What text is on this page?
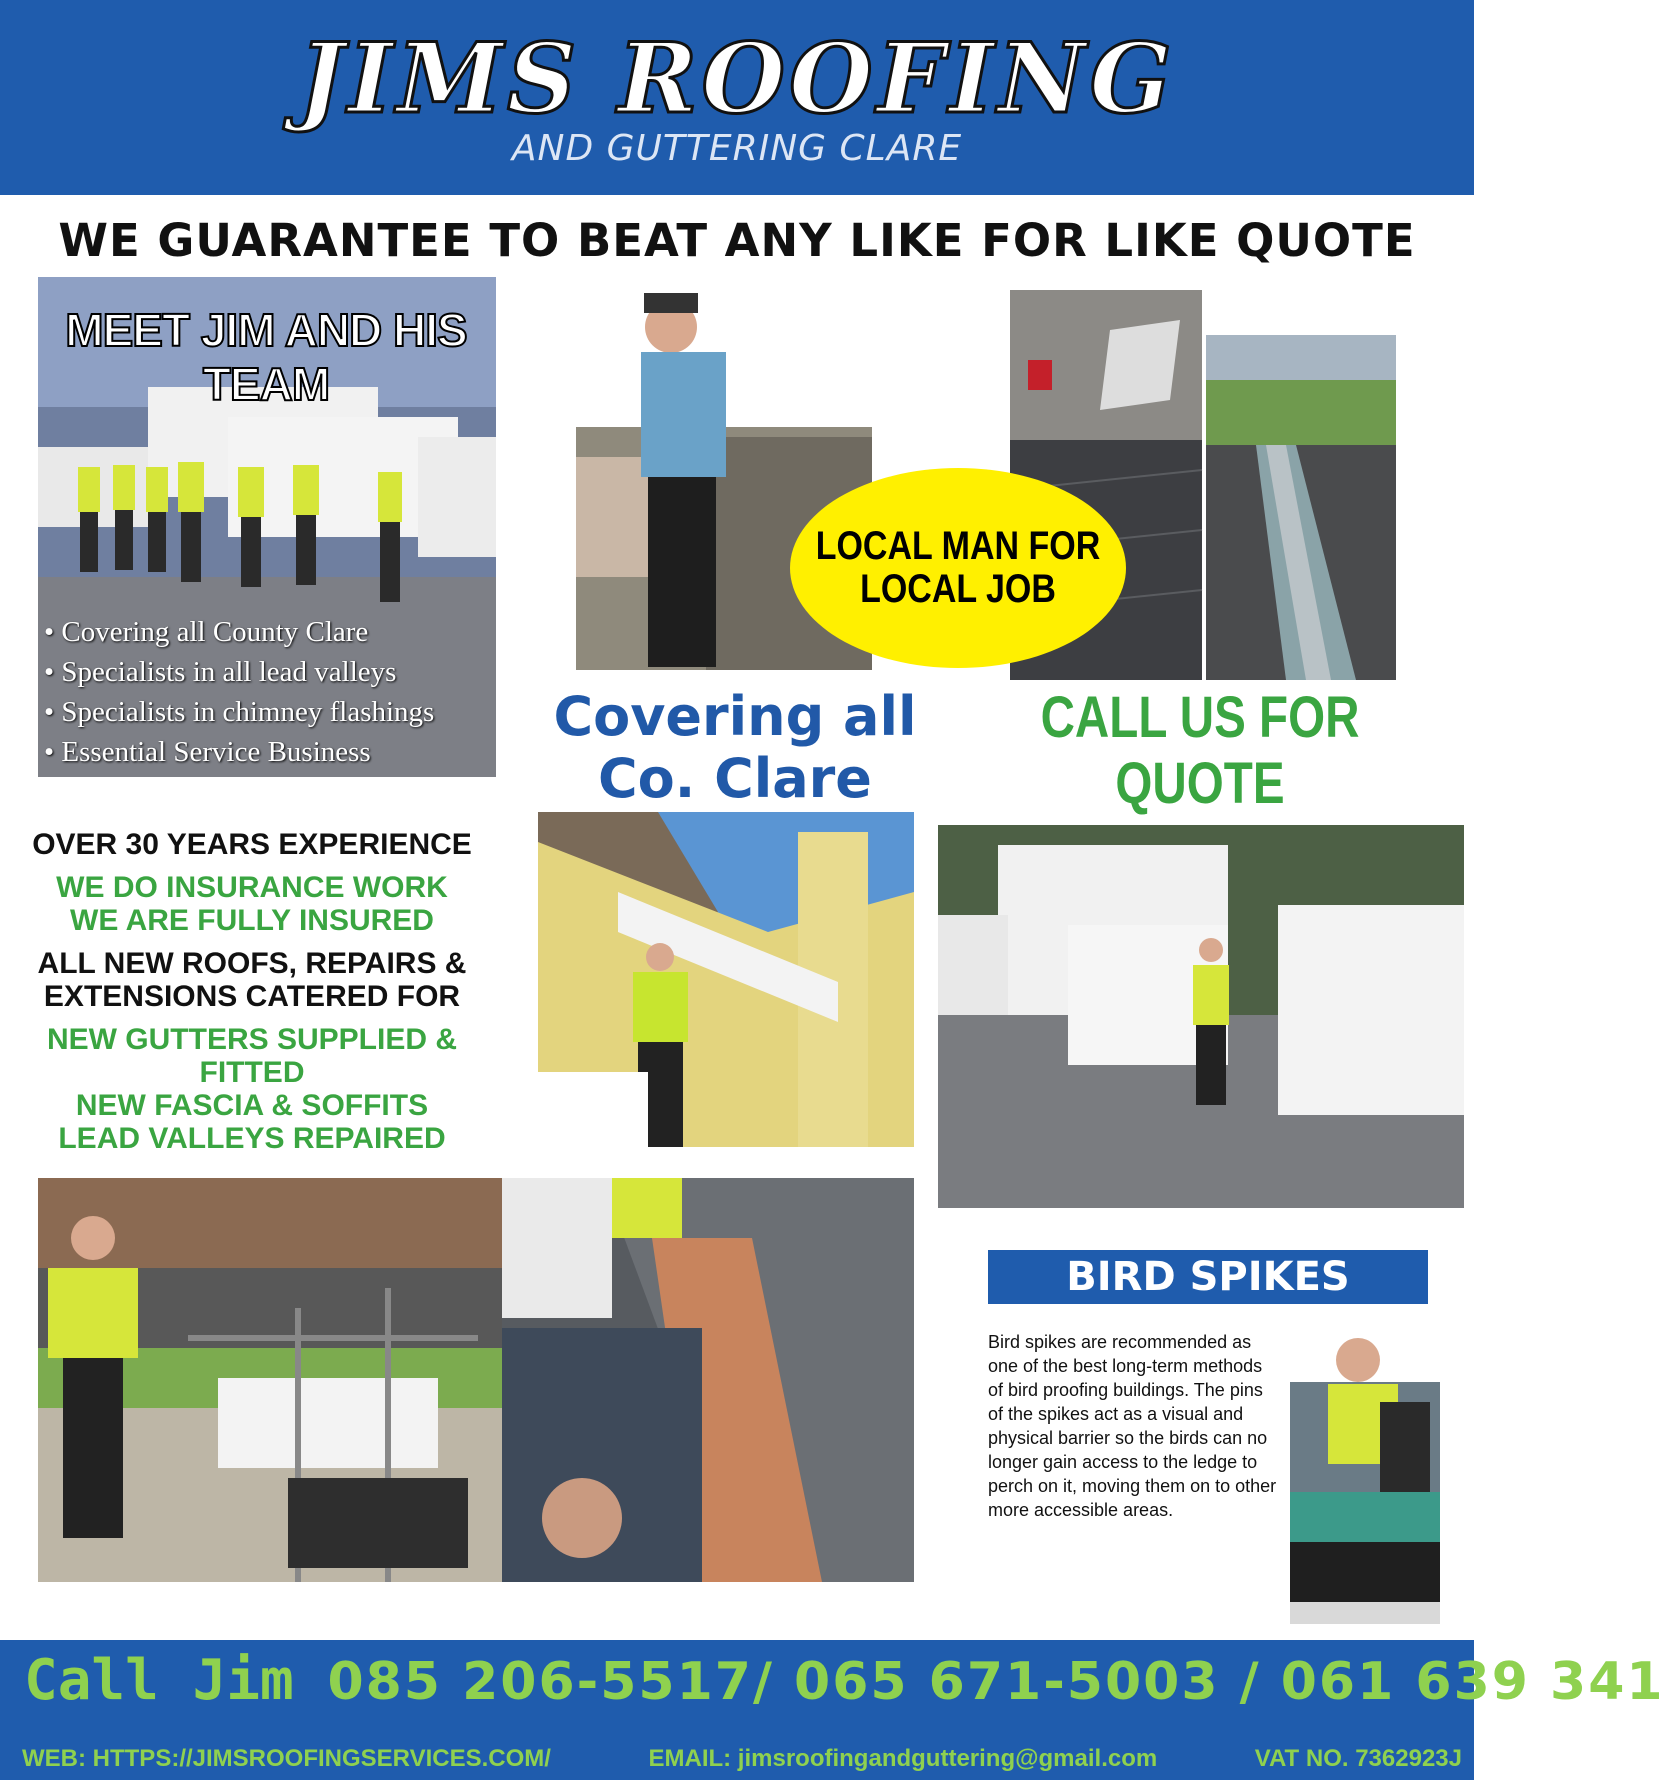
JIMS ROOFING
AND GUTTERING CLARE
WE GUARANTEE TO BEAT ANY LIKE FOR LIKE QUOTE
MEET JIM AND HIS TEAM
• Covering all County Clare
• Specialists in all lead valleys
• Specialists in chimney flashings
• Essential Service Business
LOCAL MAN FOR LOCAL JOB
Covering all
Co. Clare
CALL US FOR QUOTE
OVER 30 YEARS EXPERIENCE
WE DO INSURANCE WORK
WE ARE FULLY INSURED
ALL NEW ROOFS, REPAIRS &
EXTENSIONS CATERED FOR
NEW GUTTERS SUPPLIED & FITTED
NEW FASCIA & SOFFITS
LEAD VALLEYS REPAIRED
BIRD SPIKES
Bird spikes are recommended as one of the best long-term methods of bird proofing buildings. The pins of the spikes act as a visual and physical barrier so the birds can no longer gain access to the ledge to perch on it, moving them on to other more accessible areas.
Call Jim 085 206-5517/ 065 671-5003 / 061 639 341
WEB: HTTPS://JIMSROOFINGSERVICES.COM/	EMAIL: jimsroofingandguttering@gmail.com	VAT NO. 7362923J
